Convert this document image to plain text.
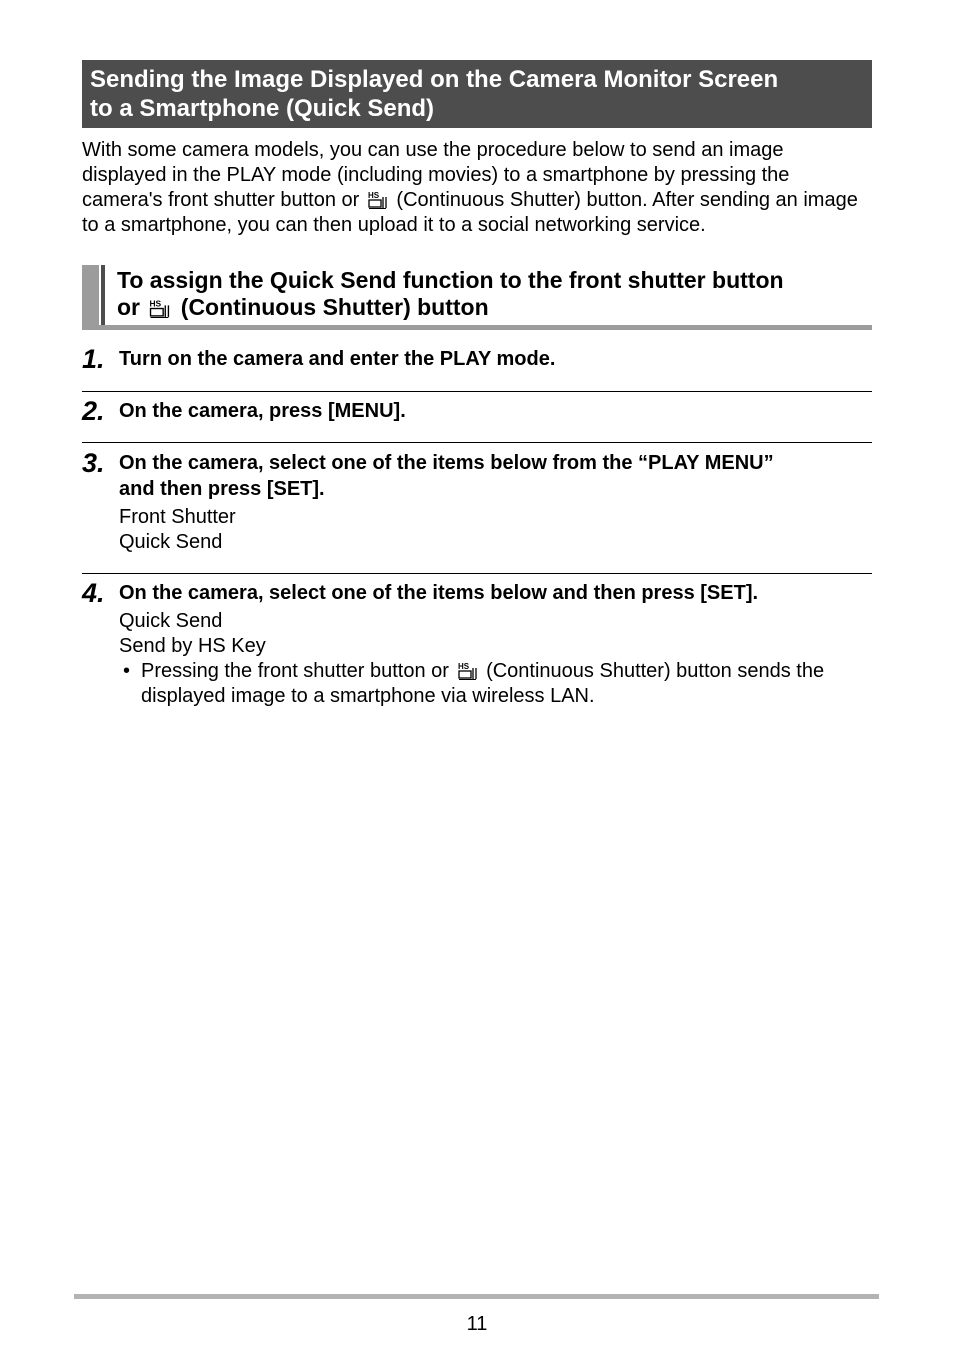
Sending the Image Displayed on the Camera Monitor Screen
to a Smartphone (Quick Send)
With some camera models, you can use the procedure below to send an image displayed in the PLAY mode (including movies) to a smartphone by pressing the camera's front shutter button or HS (Continuous Shutter) button. After sending an image to a smartphone, you can then upload it to a social networking service.
To assign the Quick Send function to the front shutter button
or HS (Continuous Shutter) button
1. Turn on the camera and enter the PLAY mode.
2. On the camera, press [MENU].
3. On the camera, select one of the items below from the “PLAY MENU”
and then press [SET].
Front Shutter
Quick Send
4. On the camera, select one of the items below and then press [SET].
Quick Send
Send by HS Key
• Pressing the front shutter button or HS (Continuous Shutter) button sends the
displayed image to a smartphone via wireless LAN.
11
